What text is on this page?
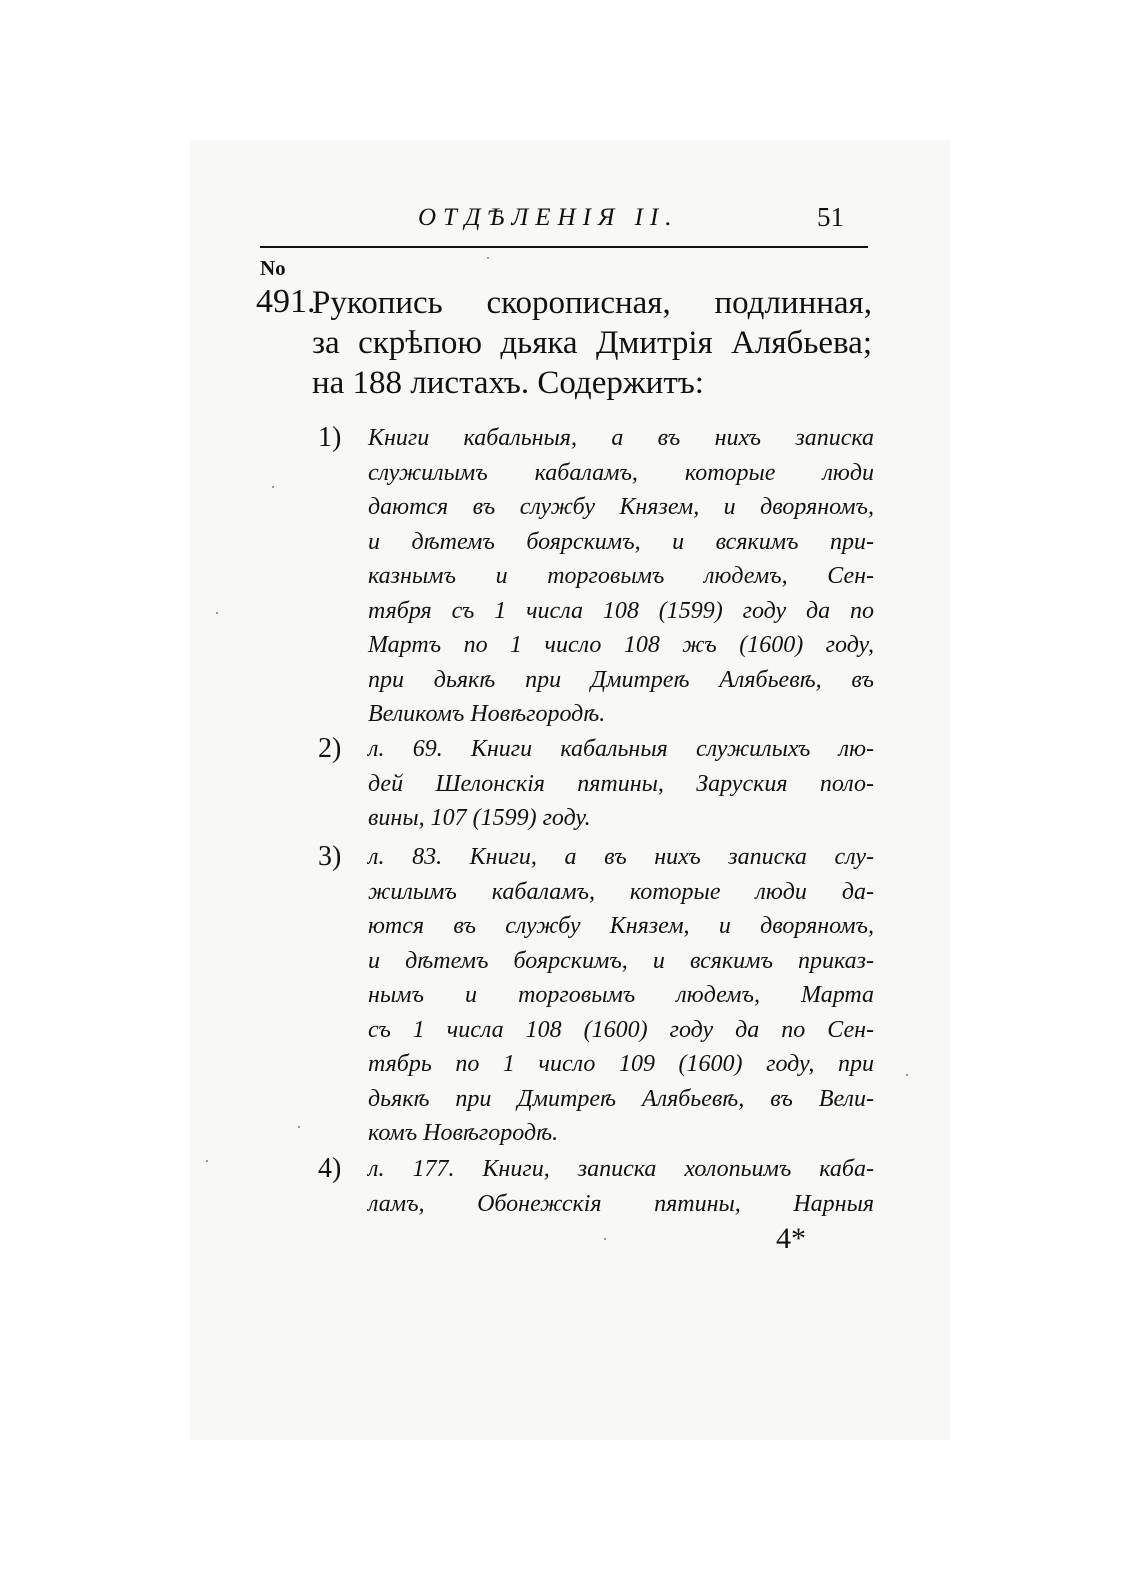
ОТДѢЛЕНІЯ II.	51
No
491.
Рукопись скорописная, подлинная,
за скрѣпою дьяка Дмитрія Алябьева;
на 188 листахъ. Содержитъ:
1) Книги кабальныя, а въ нихъ записка
служилымъ кабаламъ, которые люди
даются въ службу Князем, и дворяномъ,
и дѣтемъ боярскимъ, и всякимъ при-
казнымъ и торговымъ людемъ, Сен-
тября съ 1 числа 108 (1599) году да по
Мартъ по 1 число 108 жъ (1600) году,
при дьякѣ при Дмитреѣ Алябьевѣ, въ
Великомъ Новѣгородѣ.
2) л. 69. Книги кабальныя служилыхъ лю-
дей Шелонскія пятины, Заруския поло-
вины, 107 (1599) году.
3) л. 83. Книги, а въ нихъ записка слу-
жилымъ кабаламъ, которые люди да-
ются въ службу Князем, и дворяномъ,
и дѣтемъ боярскимъ, и всякимъ приказ-
нымъ и торговымъ людемъ, Марта
съ 1 числа 108 (1600) году да по Сен-
тябрь по 1 число 109 (1600) году, при
дьякѣ при Дмитреѣ Алябьевѣ, въ Вели-
комъ Новѣгородѣ.
4) л. 177. Книги, записка холопьимъ каба-
ламъ, Обонежскія пятины, Нарныя
4*
